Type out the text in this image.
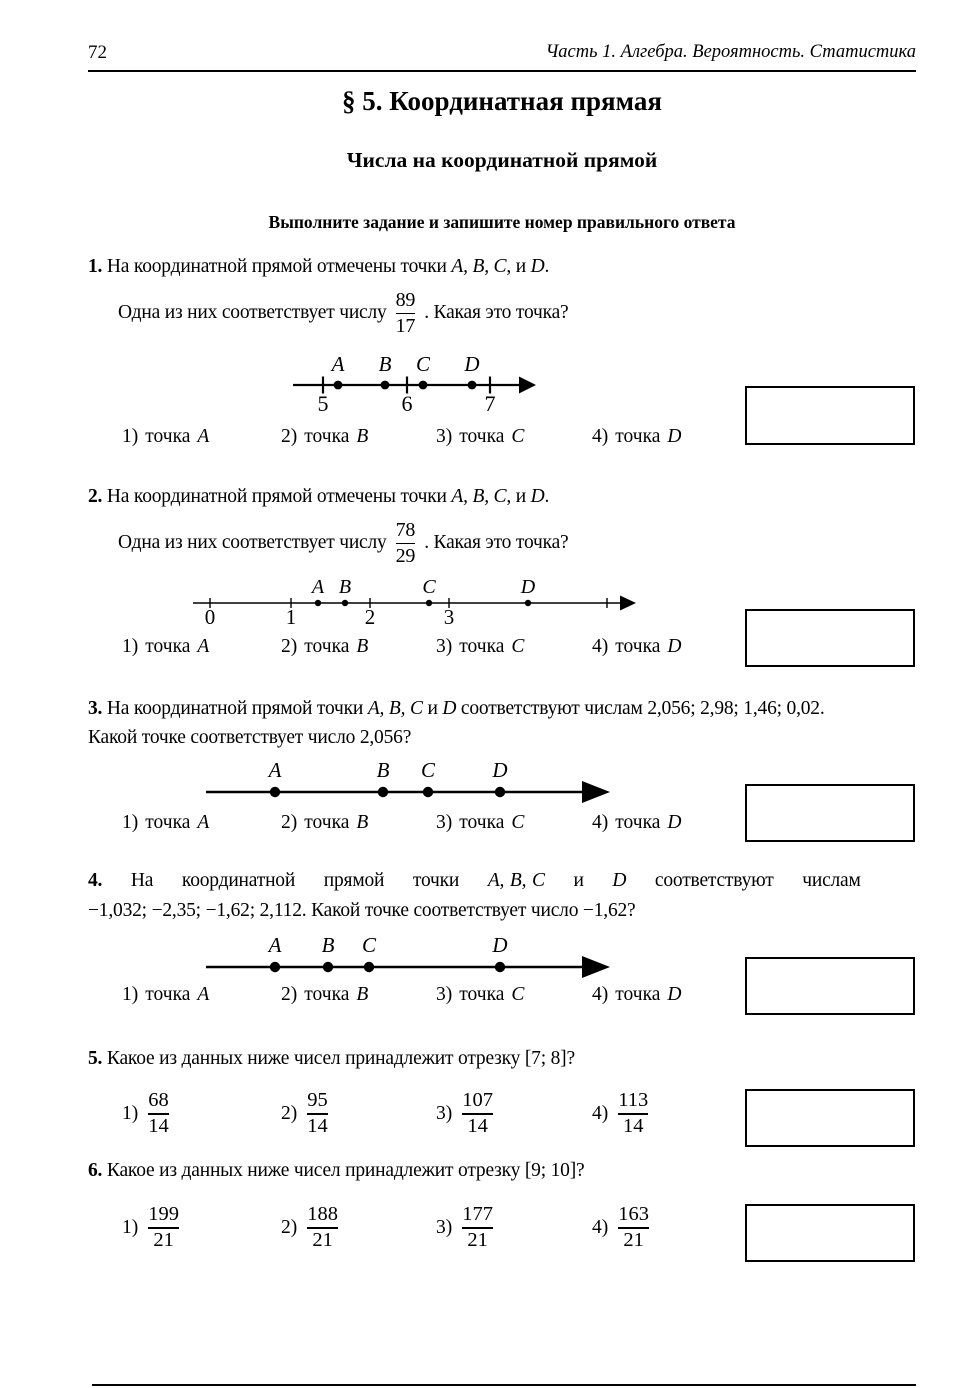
72	Часть 1. Алгебра. Вероятность. Статистика
§ 5. Координатная прямая
Числа на координатной прямой
Выполните задание и запишите номер правильного ответа

1. На координатной прямой отмечены точки A, B, C, и D.

Одна из них соответствует числу $\frac{89}{17}$ . Какая это точка?
5	6	7
A B C D
1) точка A	2) точка B	3) точка C	4) точка D

2. На координатной прямой отмечены точки A, B, C, и D.

Одна из них соответствует числу $\frac{78}{29}$ . Какая это точка?
0	1	2	3
A B	C	D
1) точка A	2) точка B	3) точка C	4) точка D

3. На координатной прямой точки A, B, C и D соответствуют числам 2,056; 2,98; 1,46; 0,02.

Какой точке соответствует число 2,056?

A	B C	D
1) точка A	2) точка B	3) точка C	4) точка D

4. На координатной прямой точки A, B, C и D соответствуют числам

−1,032; −2,35; −1,62; 2,112. Какой точке соответствует число −1,62?

A B C	D
1) точка A	2) точка B	3) точка C	4) точка D

5. Какое из данных ниже чисел принадлежит отрезку [7; 8]?

$1) \frac{68}{14}$	$2) \frac{95}{14}$	$3) \frac{107}{14}$	$4) \frac{113}{14}$

6. Какое из данных ниже чисел принадлежит отрезку [9; 10]?

$1) \frac{199}{21}$	$2) \frac{188}{21}$	$3) \frac{177}{21}$	$4) \frac{163}{21}$
